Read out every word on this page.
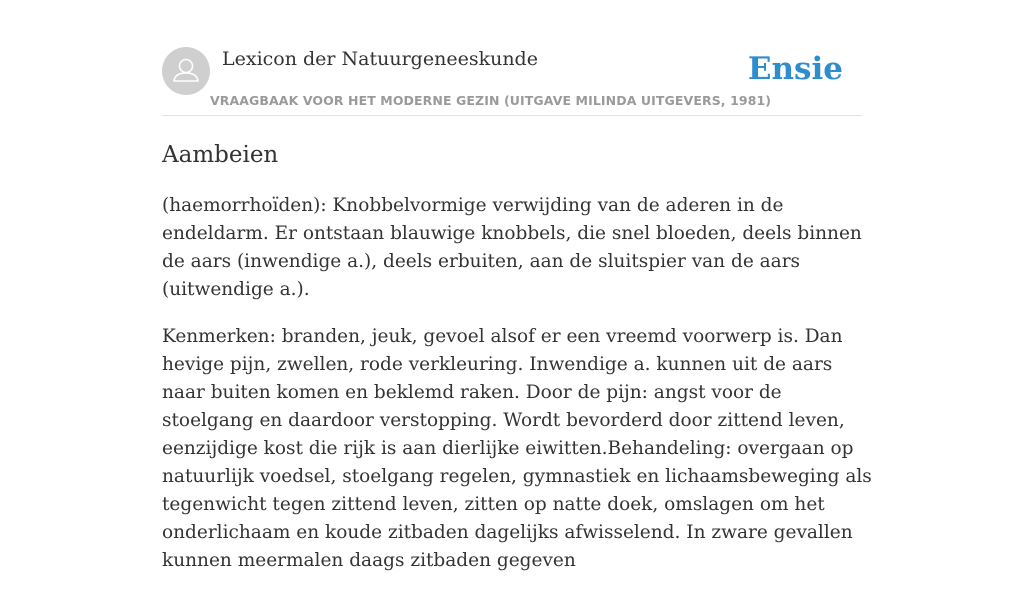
Lexicon der Natuurgeneeskunde
VRAAGBAAK VOOR HET MODERNE GEZIN (UITGAVE MILINDA UITGEVERS, 1981)
Ensie
Aambeien

(haemorrhoïden): Knobbelvormige verwijding van de aderen in de endeldarm. Er ontstaan blauwige knobbels, die snel bloeden, deels binnen de aars (inwendige a.), deels erbuiten, aan de sluitspier van de aars (uitwendige a.).

Kenmerken: branden, jeuk, gevoel alsof er een vreemd voorwerp is. Dan hevige pijn, zwellen, rode verkleuring. Inwendige a. kunnen uit de aars naar buiten komen en beklemd raken. Door de pijn: angst voor de stoelgang en daardoor verstopping. Wordt bevorderd door zittend leven, eenzijdige kost die rijk is aan dierlijke eiwitten.Behandeling: overgaan op natuurlijk voedsel, stoelgang regelen, gymnastiek en lichaamsbeweging als tegenwicht tegen zittend leven, zitten op natte doek, omslagen om het onderlichaam en koude zitbaden dagelijks afwisselend. In zware gevallen kunnen meermalen daags zitbaden gegeven
